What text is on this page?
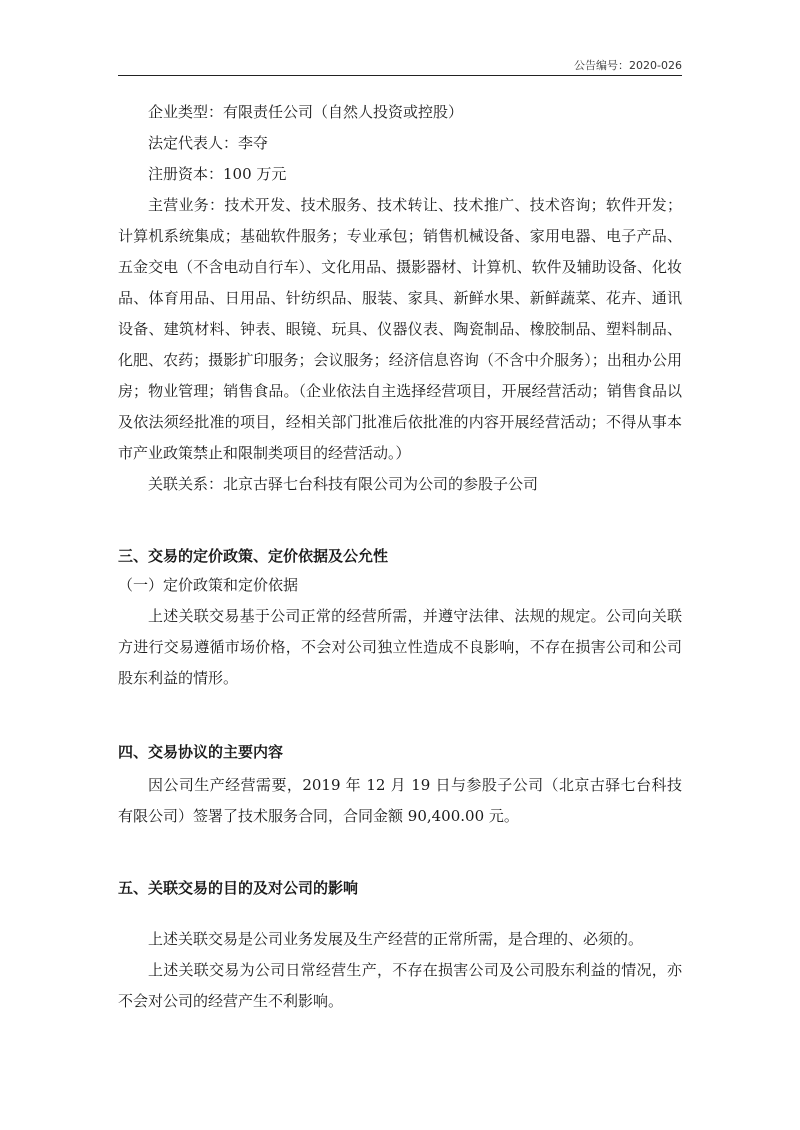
公告编号：2020-026

企业类型：有限责任公司（自然人投资或控股）

法定代表人：李夺

注册资本：100 万元

主营业务：技术开发、技术服务、技术转让、技术推广、技术咨询；软件开发；计算机系统集成；基础软件服务；专业承包；销售机械设备、家用电器、电子产品、五金交电（不含电动自行车）、文化用品、摄影器材、计算机、软件及辅助设备、化妆品、体育用品、日用品、针纺织品、服装、家具、新鲜水果、新鲜蔬菜、花卉、通讯设备、建筑材料、钟表、眼镜、玩具、仪器仪表、陶瓷制品、橡胶制品、塑料制品、化肥、农药；摄影扩印服务；会议服务；经济信息咨询（不含中介服务）；出租办公用房；物业管理；销售食品。（企业依法自主选择经营项目，开展经营活动；销售食品以及依法须经批准的项目，经相关部门批准后依批准的内容开展经营活动；不得从事本市产业政策禁止和限制类项目的经营活动。）

关联关系：北京古驿七台科技有限公司为公司的参股子公司

三、交易的定价政策、定价依据及公允性

（一）定价政策和定价依据

上述关联交易基于公司正常的经营所需，并遵守法律、法规的规定。公司向关联方进行交易遵循市场价格，不会对公司独立性造成不良影响，不存在损害公司和公司股东利益的情形。

四、交易协议的主要内容

因公司生产经营需要，2019 年 12 月 19 日与参股子公司（北京古驿七台科技有限公司）签署了技术服务合同，合同金额 90,400.00 元。

五、关联交易的目的及对公司的影响

上述关联交易是公司业务发展及生产经营的正常所需，是合理的、必须的。

上述关联交易为公司日常经营生产，不存在损害公司及公司股东利益的情况，亦不会对公司的经营产生不利影响。
